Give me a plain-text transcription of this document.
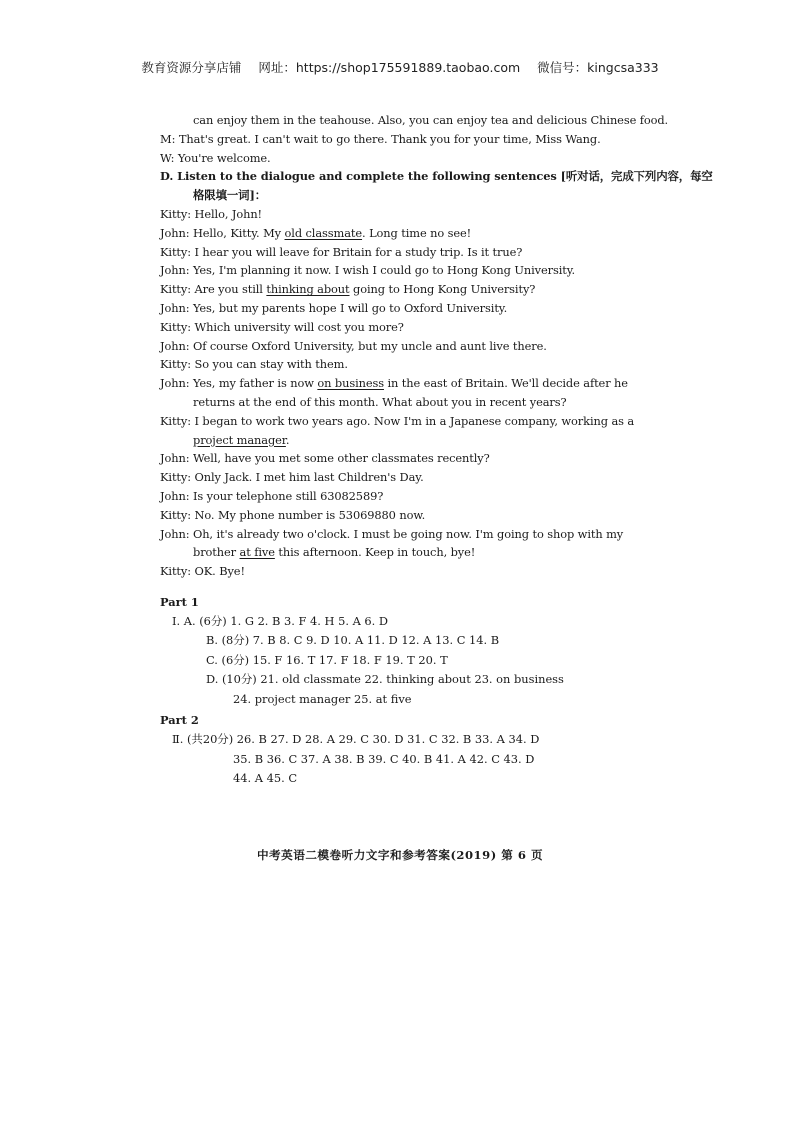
教育资源分享店铺 网址：https://shop175591889.taobao.com 微信号：kingcsa333
can enjoy them in the teahouse. Also, you can enjoy tea and delicious Chinese food.
M: That's great. I can't wait to go there. Thank you for your time, Miss Wang.
W: You're welcome.
D. Listen to the dialogue and complete the following sentences [听对话，完成下列内容，每空
格限填一词]：
Kitty: Hello, John!
John: Hello, Kitty. My old classmate. Long time no see!
Kitty: I hear you will leave for Britain for a study trip. Is it true?
John: Yes, I'm planning it now. I wish I could go to Hong Kong University.
Kitty: Are you still thinking about going to Hong Kong University?
John: Yes, but my parents hope I will go to Oxford University.
Kitty: Which university will cost you more?
John: Of course Oxford University, but my uncle and aunt live there.
Kitty: So you can stay with them.
John: Yes, my father is now on business in the east of Britain. We'll decide after he
returns at the end of this month. What about you in recent years?
Kitty: I began to work two years ago. Now I'm in a Japanese company, working as a
project manager.
John: Well, have you met some other classmates recently?
Kitty: Only Jack. I met him last Children's Day.
John: Is your telephone still 63082589?
Kitty: No. My phone number is 53069880 now.
John: Oh, it's already two o'clock. I must be going now. I'm going to shop with my
brother at five this afternoon. Keep in touch, bye!
Kitty: OK. Bye!
Part 1
Ⅰ. A. (6分) 1. G 2. B 3. F 4. H 5. A 6. D
B. (8分) 7. B 8. C 9. D 10. A 11. D 12. A 13. C 14. B
C. (6分) 15. F 16. T 17. F 18. F 19. T 20. T
D. (10分) 21. old classmate 22. thinking about 23. on business
24. project manager 25. at five
Part 2
Ⅱ. (共20分) 26. B 27. D 28. A 29. C 30. D 31. C 32. B 33. A 34. D
35. B 36. C 37. A 38. B 39. C 40. B 41. A 42. C 43. D
44. A 45. C
中考英语二模卷听力文字和参考答案(2019) 第 6 页
